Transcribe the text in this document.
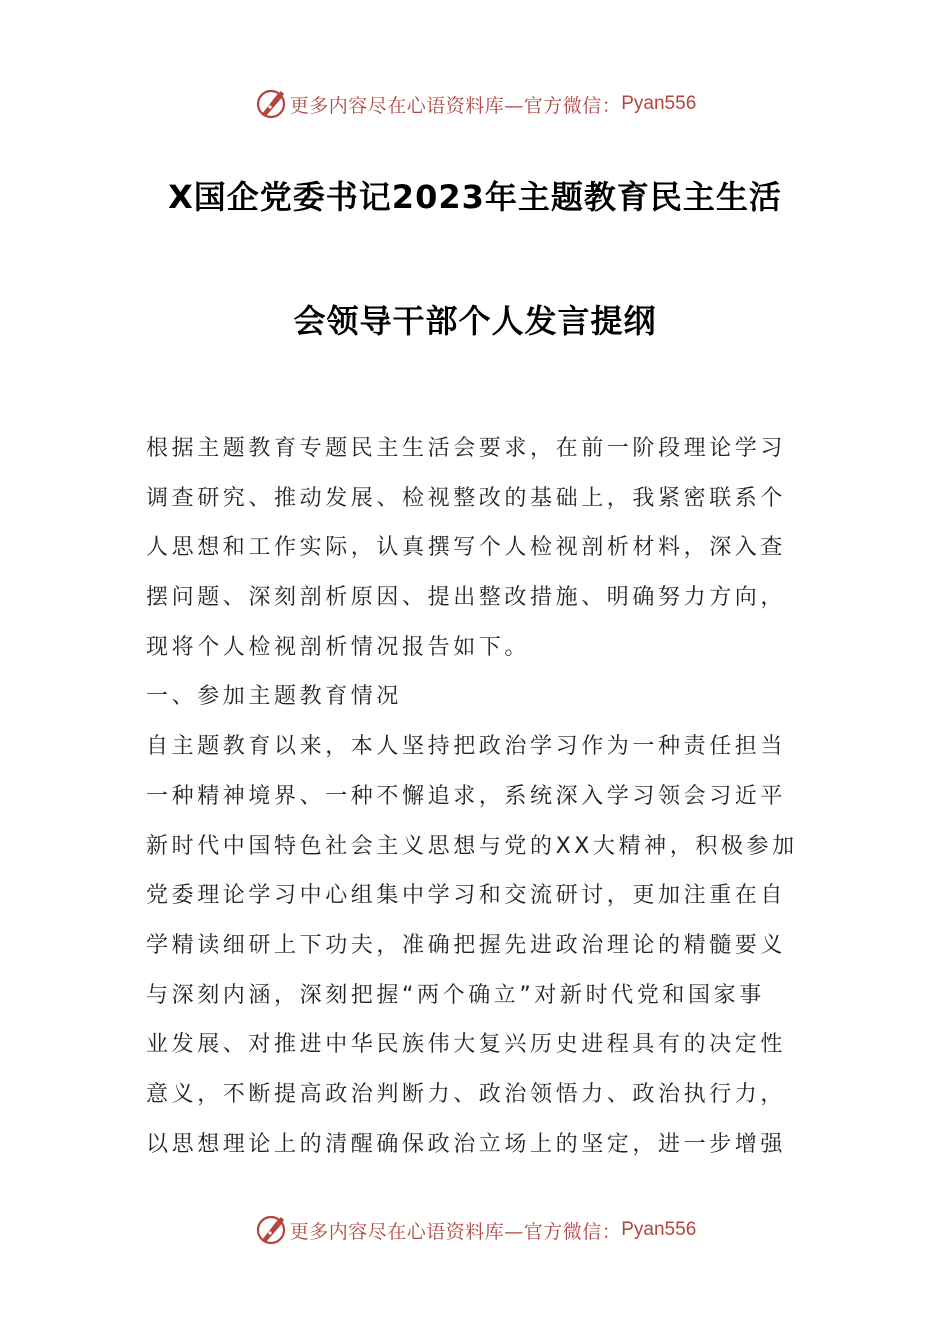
更多内容尽在心语资料库—官方微信： Pyan556
X国企党委书记2023年主题教育民主生活
会领导干部个人发言提纲
根据主题教育专题民主生活会要求，在前一阶段理论学习
调查研究、推动发展、检视整改的基础上，我紧密联系个
人思想和工作实际，认真撰写个人检视剖析材料，深入查
摆问题、深刻剖析原因、提出整改措施、明确努力方向，
现将个人检视剖析情况报告如下。
一、参加主题教育情况
自主题教育以来，本人坚持把政治学习作为一种责任担当
一种精神境界、一种不懈追求，系统深入学习领会习近平
新时代中国特色社会主义思想与党的XX大精神，积极参加
党委理论学习中心组集中学习和交流研讨，更加注重在自
学精读细研上下功夫，准确把握先进政治理论的精髓要义
与深刻内涵，深刻把握“两个确立”对新时代党和国家事
业发展、对推进中华民族伟大复兴历史进程具有的决定性
意义，不断提高政治判断力、政治领悟力、政治执行力，
以思想理论上的清醒确保政治立场上的坚定，进一步增强
更多内容尽在心语资料库—官方微信： Pyan556
